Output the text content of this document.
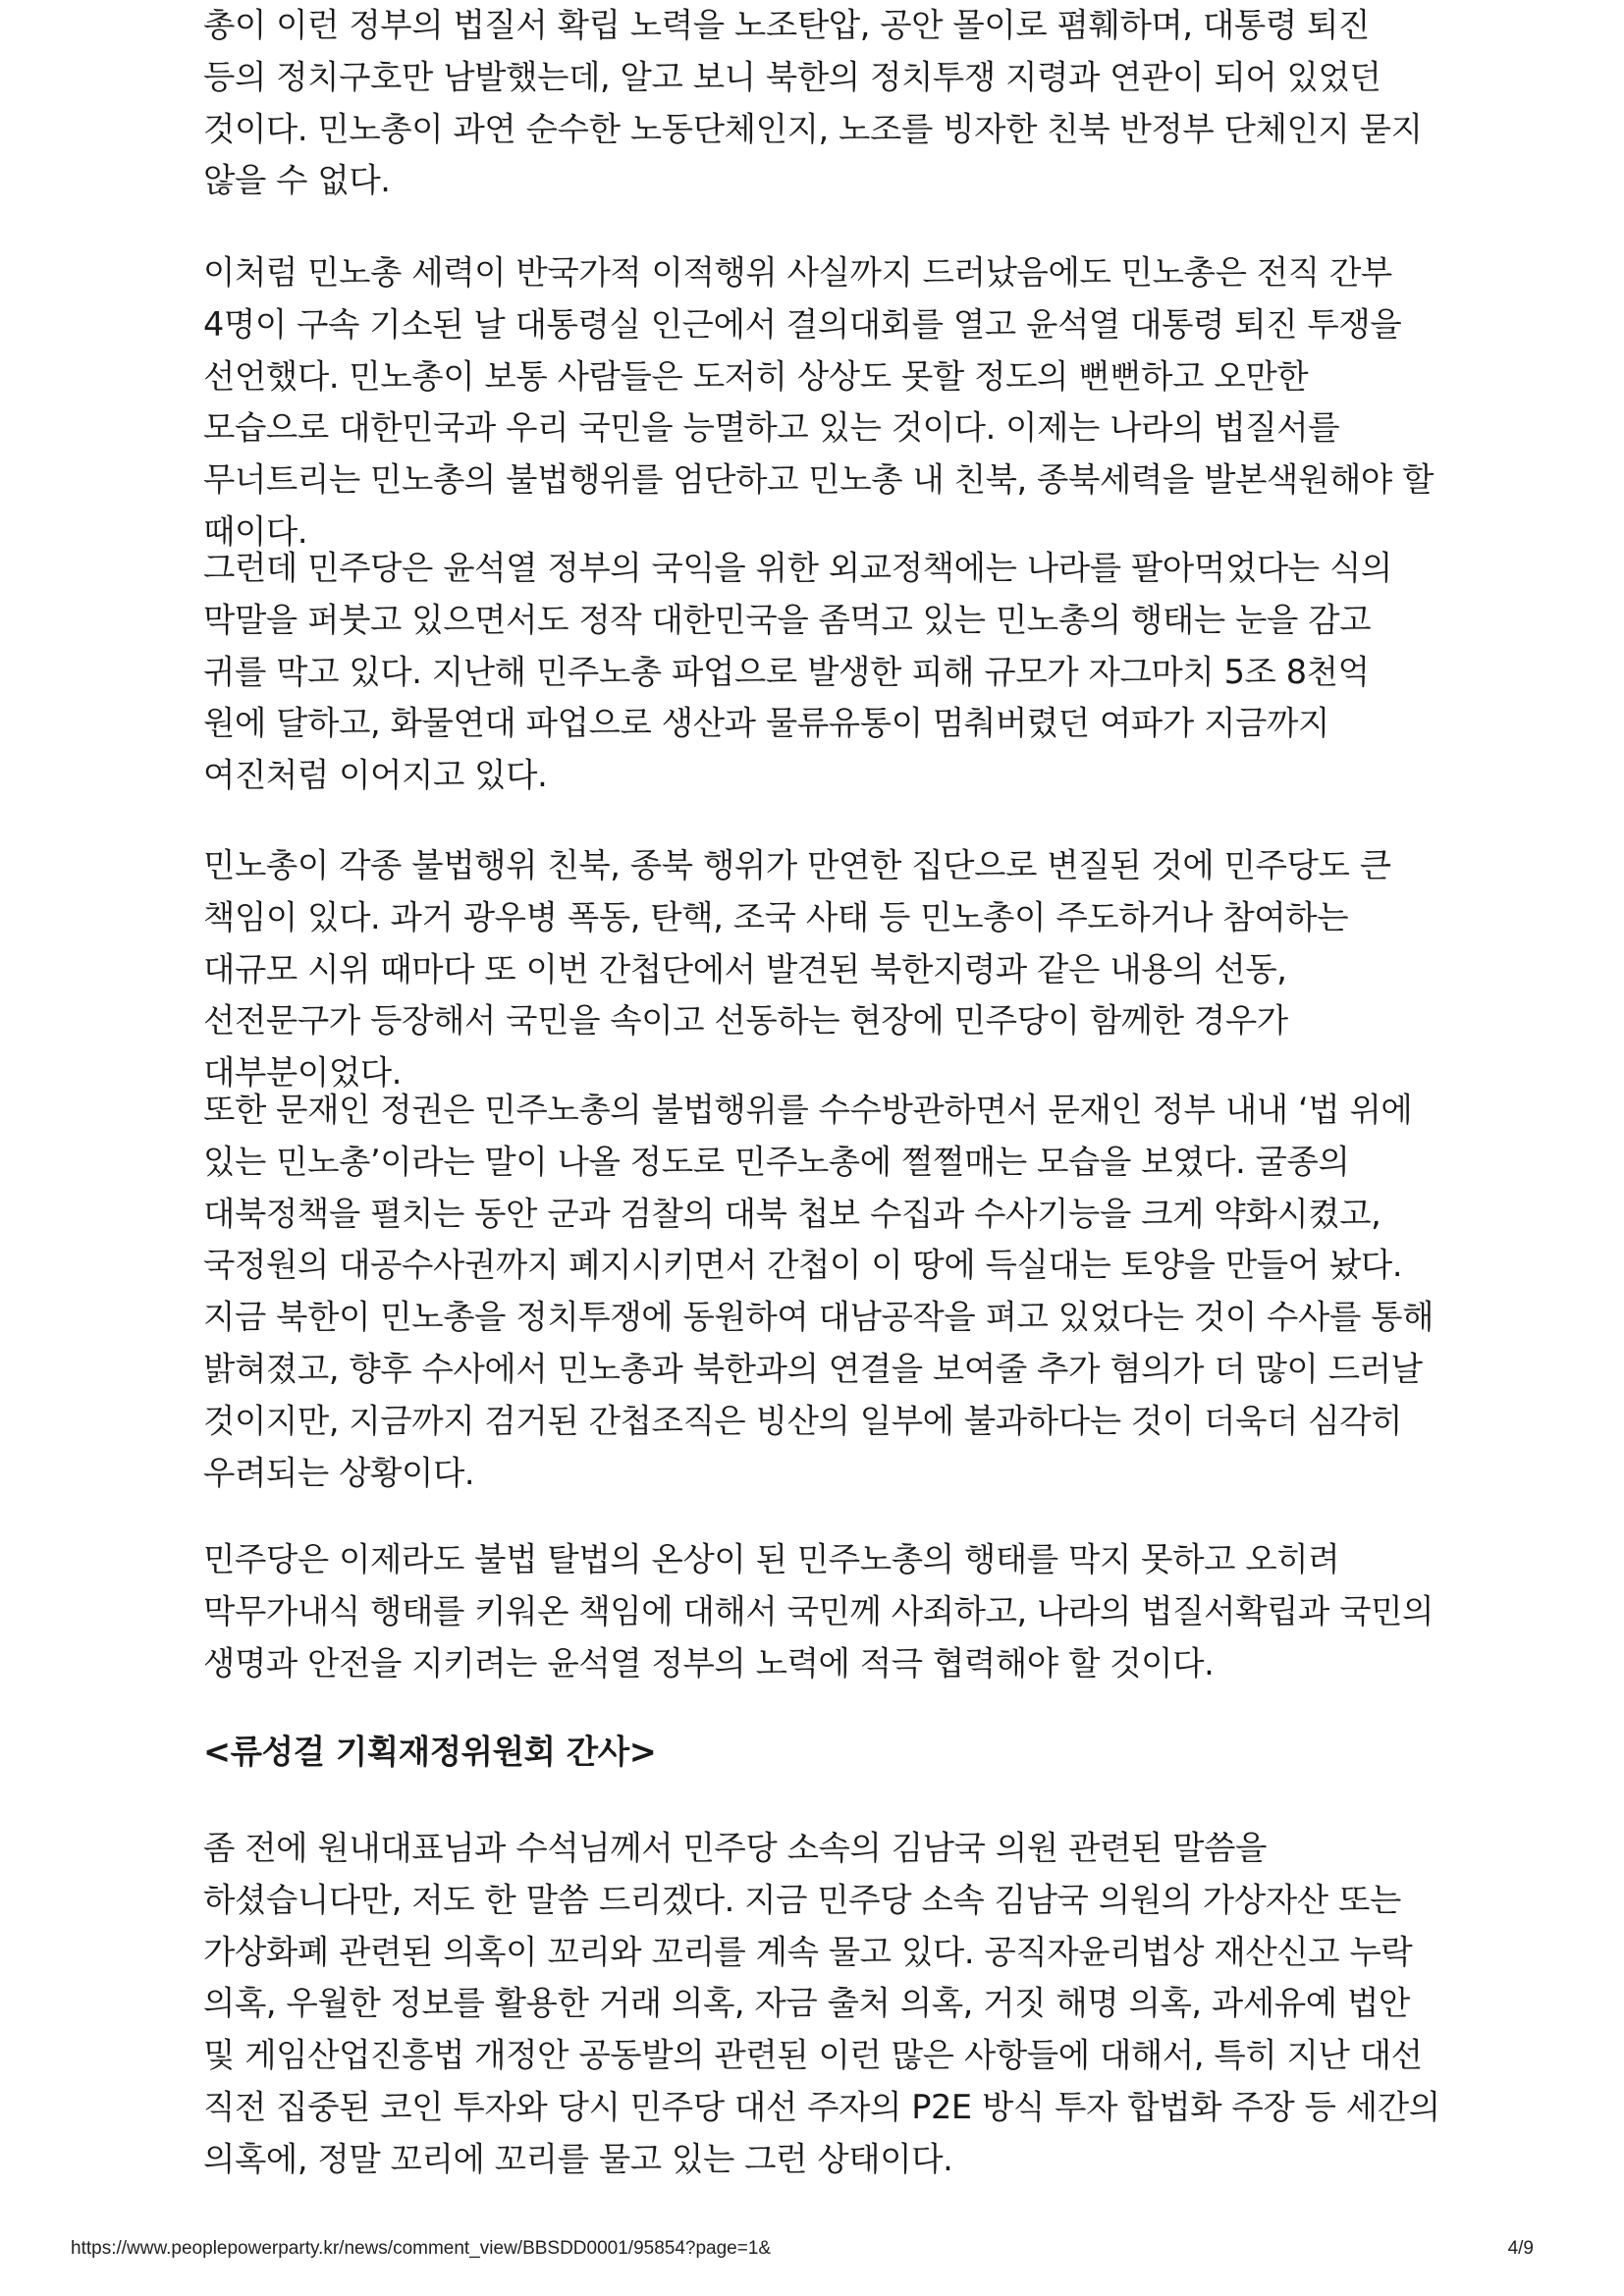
총이 이런 정부의 법질서 확립 노력을 노조탄압, 공안 몰이로 폄훼하며, 대통령 퇴진 등의 정치구호만 남발했는데, 알고 보니 북한의 정치투쟁 지령과 연관이 되어 있었던 것이다. 민노총이 과연 순수한 노동단체인지, 노조를 빙자한 친북 반정부 단체인지 묻지 않을 수 없다.

이처럼 민노총 세력이 반국가적 이적행위 사실까지 드러났음에도 민노총은 전직 간부 4명이 구속 기소된 날 대통령실 인근에서 결의대회를 열고 윤석열 대통령 퇴진 투쟁을 선언했다. 민노총이 보통 사람들은 도저히 상상도 못할 정도의 뻔뻔하고 오만한 모습으로 대한민국과 우리 국민을 능멸하고 있는 것이다. 이제는 나라의 법질서를 무너트리는 민노총의 불법행위를 엄단하고 민노총 내 친북, 종북세력을 발본색원해야 할 때이다.

그런데 민주당은 윤석열 정부의 국익을 위한 외교정책에는 나라를 팔아먹었다는 식의 막말을 퍼붓고 있으면서도 정작 대한민국을 좀먹고 있는 민노총의 행태는 눈을 감고 귀를 막고 있다. 지난해 민주노총 파업으로 발생한 피해 규모가 자그마치 5조 8천억 원에 달하고, 화물연대 파업으로 생산과 물류유통이 멈춰버렸던 여파가 지금까지 여진처럼 이어지고 있다.

민노총이 각종 불법행위 친북, 종북 행위가 만연한 집단으로 변질된 것에 민주당도 큰 책임이 있다. 과거 광우병 폭동, 탄핵, 조국 사태 등 민노총이 주도하거나 참여하는 대규모 시위 때마다 또 이번 간첩단에서 발견된 북한지령과 같은 내용의 선동, 선전문구가 등장해서 국민을 속이고 선동하는 현장에 민주당이 함께한 경우가 대부분이었다.

또한 문재인 정권은 민주노총의 불법행위를 수수방관하면서 문재인 정부 내내 ‘법 위에 있는 민노총’이라는 말이 나올 정도로 민주노총에 쩔쩔매는 모습을 보였다. 굴종의 대북정책을 펼치는 동안 군과 검찰의 대북 첩보 수집과 수사기능을 크게 약화시켰고, 국정원의 대공수사권까지 폐지시키면서 간첩이 이 땅에 득실대는 토양을 만들어 놨다. 지금 북한이 민노총을 정치투쟁에 동원하여 대남공작을 펴고 있었다는 것이 수사를 통해 밝혀졌고, 향후 수사에서 민노총과 북한과의 연결을 보여줄 추가 혐의가 더 많이 드러날 것이지만, 지금까지 검거된 간첩조직은 빙산의 일부에 불과하다는 것이 더욱더 심각히 우려되는 상황이다.

민주당은 이제라도 불법 탈법의 온상이 된 민주노총의 행태를 막지 못하고 오히려 막무가내식 행태를 키워온 책임에 대해서 국민께 사죄하고, 나라의 법질서확립과 국민의 생명과 안전을 지키려는 윤석열 정부의 노력에 적극 협력해야 할 것이다.

<류성걸 기획재정위원회 간사>

좀 전에 원내대표님과 수석님께서 민주당 소속의 김남국 의원 관련된 말씀을 하셨습니다만, 저도 한 말씀 드리겠다. 지금 민주당 소속 김남국 의원의 가상자산 또는 가상화폐 관련된 의혹이 꼬리와 꼬리를 계속 물고 있다. 공직자윤리법상 재산신고 누락 의혹, 우월한 정보를 활용한 거래 의혹, 자금 출처 의혹, 거짓 해명 의혹, 과세유예 법안 및 게임산업진흥법 개정안 공동발의 관련된 이런 많은 사항들에 대해서, 특히 지난 대선 직전 집중된 코인 투자와 당시 민주당 대선 주자의 P2E 방식 투자 합법화 주장 등 세간의 의혹에, 정말 꼬리에 꼬리를 물고 있는 그런 상태이다.

https://www.peoplepowerparty.kr/news/comment_view/BBSDD0001/95854?page=1&	4/9
